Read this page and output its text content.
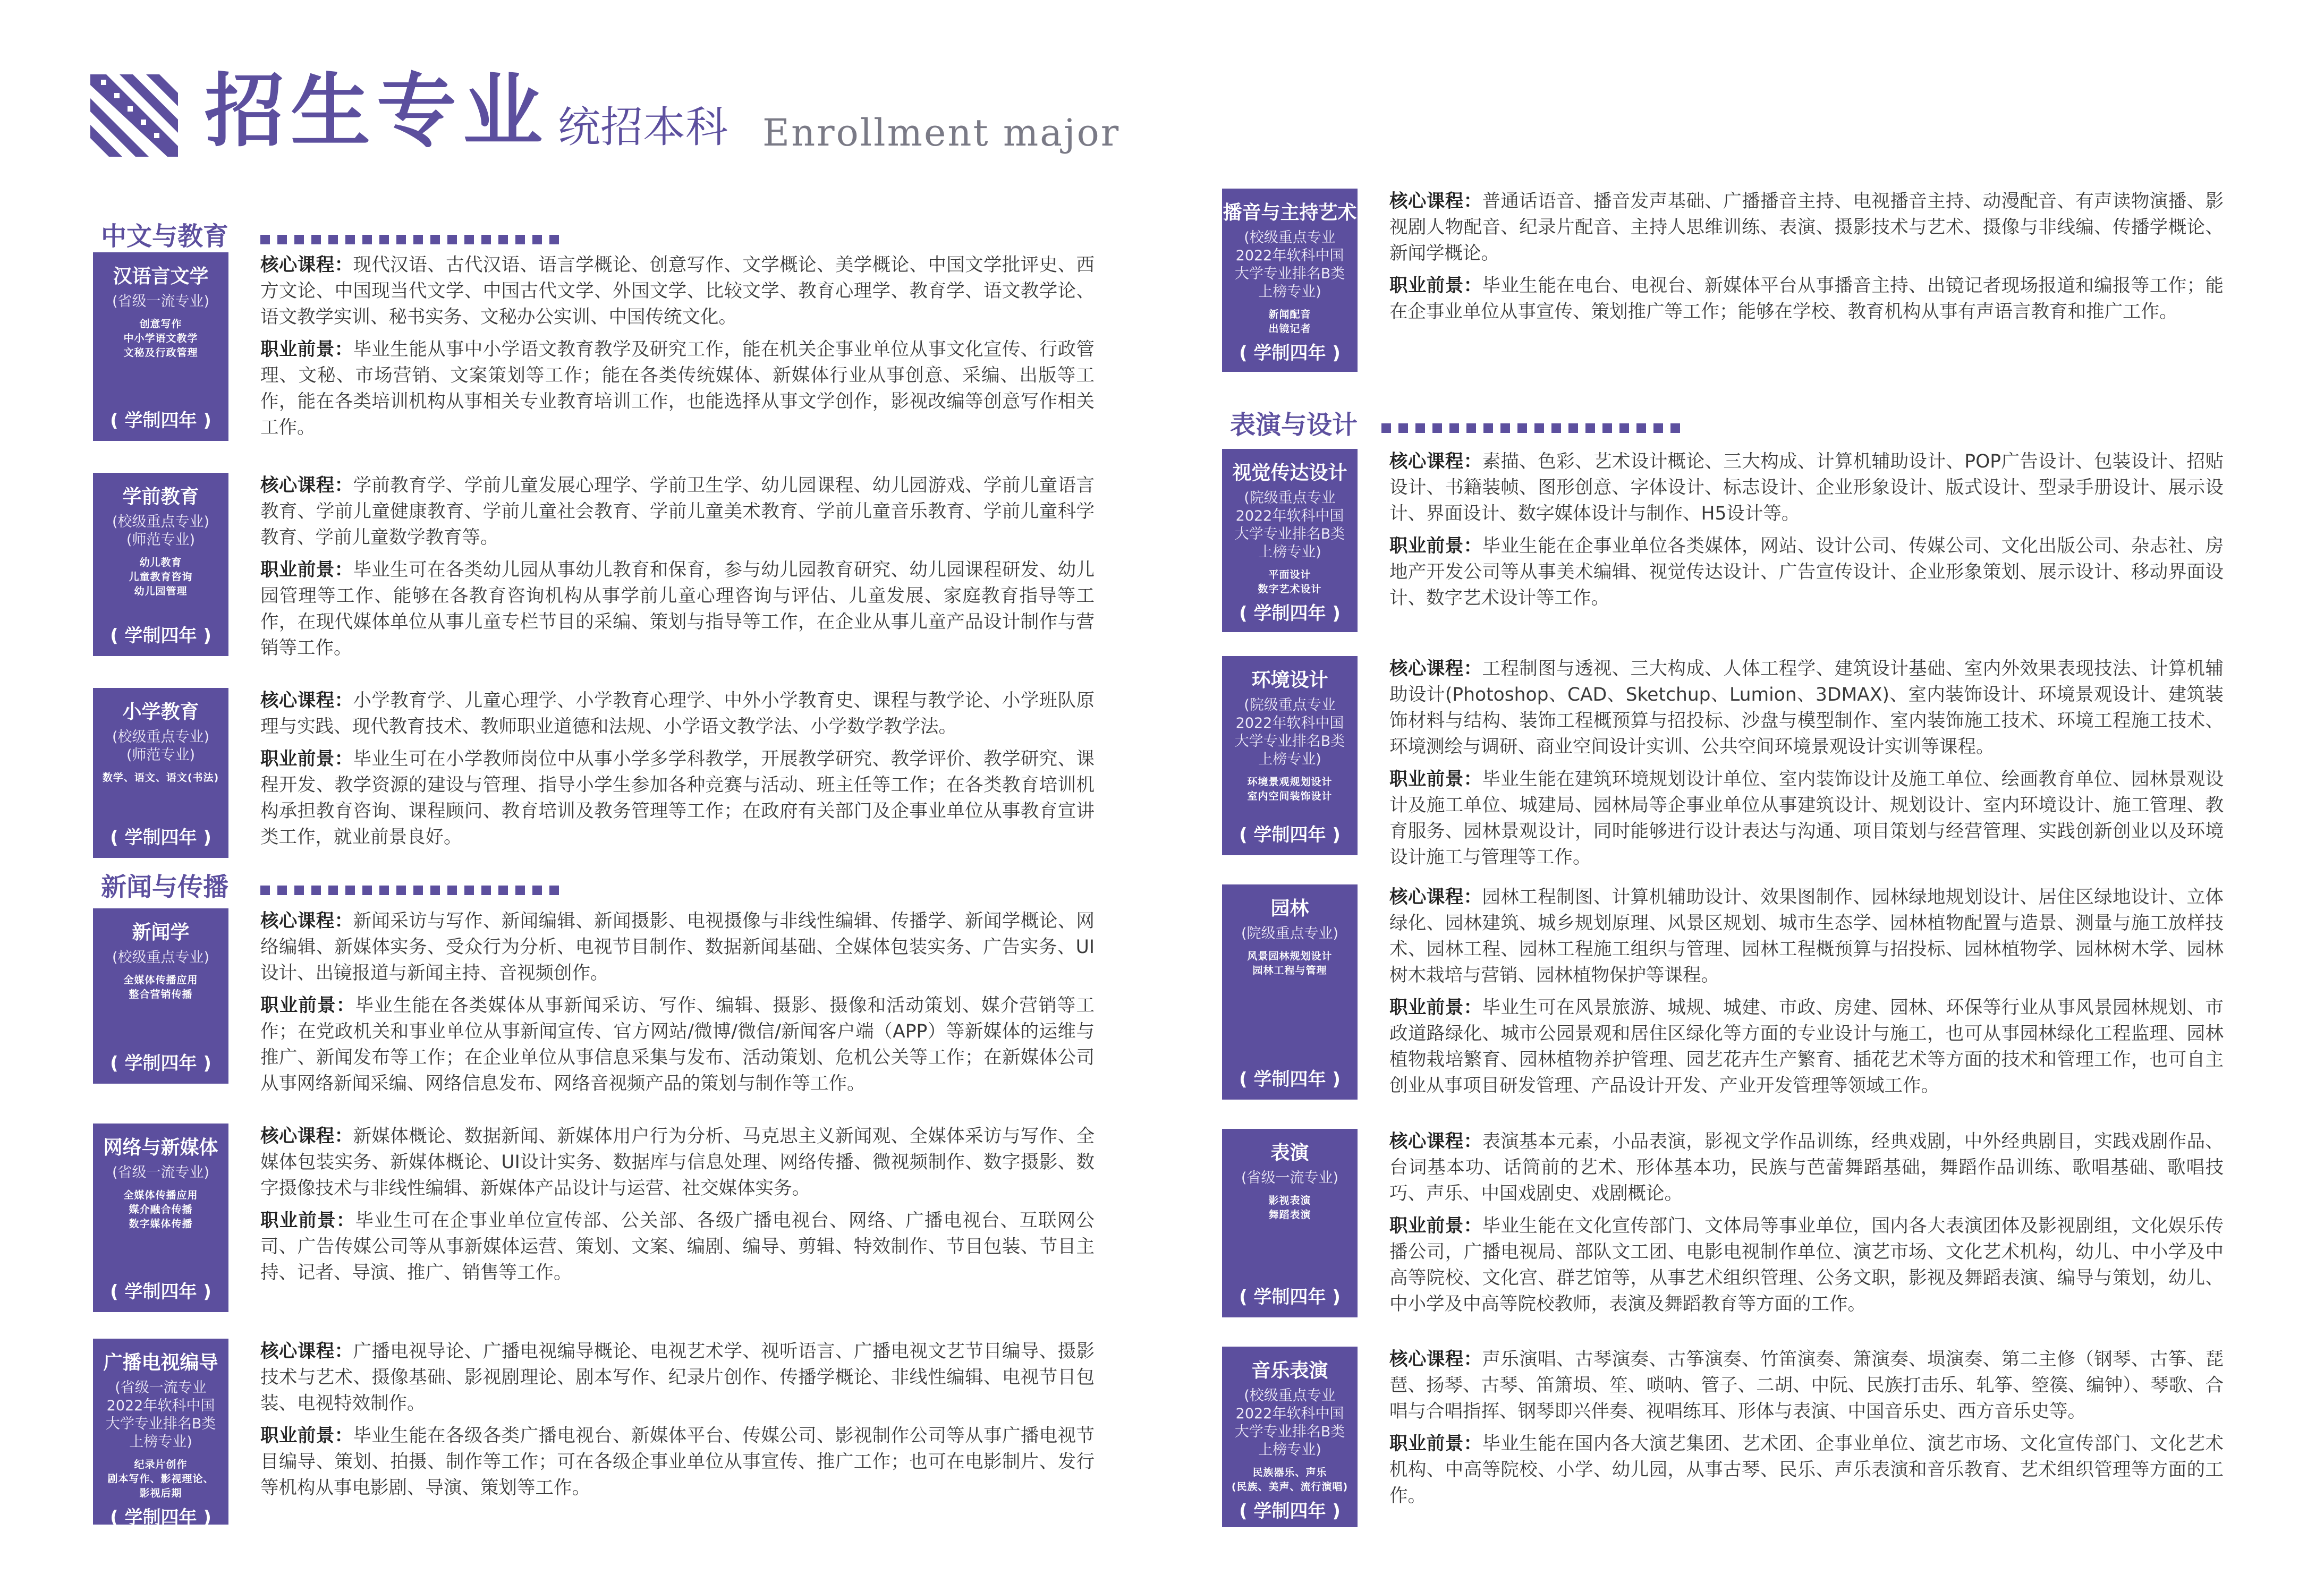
招生专业 统招本科 Enrollment major
中文与教育
汉语言文学
(省级一流专业)
创意写作
中小学语文教学
文秘及行政管理
( 学制四年 )

核心课程：现代汉语、古代汉语、语言学概论、创意写作、文学概论、美学概论、中国文学批评史、西方文论、中国现当代文学、中国古代文学、外国文学、比较文学、教育心理学、教育学、语文教学论、语文教学实训、秘书实务、文秘办公实训、中国传统文化。

职业前景：毕业生能从事中小学语文教育教学及研究工作，能在机关企事业单位从事文化宣传、行政管理、文秘、市场营销、文案策划等工作；能在各类传统媒体、新媒体行业从事创意、采编、出版等工作，能在各类培训机构从事相关专业教育培训工作，也能选择从事文学创作，影视改编等创意写作相关工作。

学前教育
(校级重点专业)
(师范专业)
幼儿教育
儿童教育咨询
幼儿园管理
( 学制四年 )

核心课程：学前教育学、学前儿童发展心理学、学前卫生学、幼儿园课程、幼儿园游戏、学前儿童语言教育、学前儿童健康教育、学前儿童社会教育、学前儿童美术教育、学前儿童音乐教育、学前儿童科学教育、学前儿童数学教育等。

职业前景：毕业生可在各类幼儿园从事幼儿教育和保育，参与幼儿园教育研究、幼儿园课程研发、幼儿园管理等工作、能够在各教育咨询机构从事学前儿童心理咨询与评估、儿童发展、家庭教育指导等工作，在现代媒体单位从事儿童专栏节目的采编、策划与指导等工作，在企业从事儿童产品设计制作与营销等工作。

小学教育
(校级重点专业)
(师范专业)
数学、语文、语文(书法)
( 学制四年 )

核心课程：小学教育学、儿童心理学、小学教育心理学、中外小学教育史、课程与教学论、小学班队原理与实践、现代教育技术、教师职业道德和法规、小学语文教学法、小学数学教学法。

职业前景：毕业生可在小学教师岗位中从事小学多学科教学，开展教学研究、教学评价、教学研究、课程开发、教学资源的建设与管理、指导小学生参加各种竞赛与活动、班主任等工作；在各类教育培训机构承担教育咨询、课程顾问、教育培训及教务管理等工作；在政府有关部门及企事业单位从事教育宣讲类工作，就业前景良好。

新闻与传播
新闻学
(校级重点专业)
全媒体传播应用
整合营销传播
( 学制四年 )

核心课程：新闻采访与写作、新闻编辑、新闻摄影、电视摄像与非线性编辑、传播学、新闻学概论、网络编辑、新媒体实务、受众行为分析、电视节目制作、数据新闻基础、全媒体包装实务、广告实务、UI设计、出镜报道与新闻主持、音视频创作。

职业前景：毕业生能在各类媒体从事新闻采访、写作、编辑、摄影、摄像和活动策划、媒介营销等工作；在党政机关和事业单位从事新闻宣传、官方网站/微博/微信/新闻客户端（APP）等新媒体的运维与推广、新闻发布等工作；在企业单位从事信息采集与发布、活动策划、危机公关等工作；在新媒体公司从事网络新闻采编、网络信息发布、网络音视频产品的策划与制作等工作。

网络与新媒体
(省级一流专业)
全媒体传播应用
媒介融合传播
数字媒体传播
( 学制四年 )

核心课程：新媒体概论、数据新闻、新媒体用户行为分析、马克思主义新闻观、全媒体采访与写作、全媒体包装实务、新媒体概论、UI设计实务、数据库与信息处理、网络传播、微视频制作、数字摄影、数字摄像技术与非线性编辑、新媒体产品设计与运营、社交媒体实务。

职业前景：毕业生可在企事业单位宣传部、公关部、各级广播电视台、网络、广播电视台、互联网公司、广告传媒公司等从事新媒体运营、策划、文案、编剧、编导、剪辑、特效制作、节目包装、节目主持、记者、导演、推广、销售等工作。

广播电视编导
(省级一流专业
2022年软科中国
大学专业排名B类
上榜专业)
纪录片创作
剧本写作、影视理论、
影视后期
( 学制四年 )

核心课程：广播电视导论、广播电视编导概论、电视艺术学、视听语言、广播电视文艺节目编导、摄影技术与艺术、摄像基础、影视剧理论、剧本写作、纪录片创作、传播学概论、非线性编辑、电视节目包装、电视特效制作。

职业前景：毕业生能在各级各类广播电视台、新媒体平台、传媒公司、影视制作公司等从事广播电视节目编导、策划、拍摄、制作等工作；可在各级企事业单位从事宣传、推广工作；也可在电影制片、发行等机构从事电影剧、导演、策划等工作。

播音与主持艺术
(校级重点专业
2022年软科中国
大学专业排名B类
上榜专业)
新闻配音
出镜记者
( 学制四年 )

核心课程：普通话语音、播音发声基础、广播播音主持、电视播音主持、动漫配音、有声读物演播、影视剧人物配音、纪录片配音、主持人思维训练、表演、摄影技术与艺术、摄像与非线编、传播学概论、新闻学概论。

职业前景：毕业生能在电台、电视台、新媒体平台从事播音主持、出镜记者现场报道和编报等工作；能在企事业单位从事宣传、策划推广等工作；能够在学校、教育机构从事有声语言教育和推广工作。

表演与设计
视觉传达设计
(院级重点专业
2022年软科中国
大学专业排名B类
上榜专业)
平面设计
数字艺术设计
( 学制四年 )

核心课程：素描、色彩、艺术设计概论、三大构成、计算机辅助设计、POP广告设计、包装设计、招贴设计、书籍装帧、图形创意、字体设计、标志设计、企业形象设计、版式设计、型录手册设计、展示设计、界面设计、数字媒体设计与制作、H5设计等。

职业前景：毕业生能在企事业单位各类媒体，网站、设计公司、传媒公司、文化出版公司、杂志社、房地产开发公司等从事美术编辑、视觉传达设计、广告宣传设计、企业形象策划、展示设计、移动界面设计、数字艺术设计等工作。

环境设计
(院级重点专业
2022年软科中国
大学专业排名B类
上榜专业)
环境景观规划设计
室内空间装饰设计
( 学制四年 )

核心课程：工程制图与透视、三大构成、人体工程学、建筑设计基础、室内外效果表现技法、计算机辅助设计(Photoshop、CAD、Sketchup、Lumion、3DMAX)、室内装饰设计、环境景观设计、建筑装饰材料与结构、装饰工程概预算与招投标、沙盘与模型制作、室内装饰施工技术、环境工程施工技术、环境测绘与调研、商业空间设计实训、公共空间环境景观设计实训等课程。

职业前景：毕业生能在建筑环境规划设计单位、室内装饰设计及施工单位、绘画教育单位、园林景观设计及施工单位、城建局、园林局等企事业单位从事建筑设计、规划设计、室内环境设计、施工管理、教育服务、园林景观设计，同时能够进行设计表达与沟通、项目策划与经营管理、实践创新创业以及环境设计施工与管理等工作。

园林
(院级重点专业)
风景园林规划设计
园林工程与管理
( 学制四年 )

核心课程：园林工程制图、计算机辅助设计、效果图制作、园林绿地规划设计、居住区绿地设计、立体绿化、园林建筑、城乡规划原理、风景区规划、城市生态学、园林植物配置与造景、测量与施工放样技术、园林工程、园林工程施工组织与管理、园林工程概预算与招投标、园林植物学、园林树木学、园林树木栽培与营销、园林植物保护等课程。

职业前景：毕业生可在风景旅游、城规、城建、市政、房建、园林、环保等行业从事风景园林规划、市政道路绿化、城市公园景观和居住区绿化等方面的专业设计与施工，也可从事园林绿化工程监理、园林植物栽培繁育、园林植物养护管理、园艺花卉生产繁育、插花艺术等方面的技术和管理工作，也可自主创业从事项目研发管理、产品设计开发、产业开发管理等领域工作。

表演
(省级一流专业)
影视表演
舞蹈表演
( 学制四年 )

核心课程：表演基本元素，小品表演，影视文学作品训练，经典戏剧，中外经典剧目，实践戏剧作品、台词基本功、话筒前的艺术、形体基本功，民族与芭蕾舞蹈基础，舞蹈作品训练、歌唱基础、歌唱技巧、声乐、中国戏剧史、戏剧概论。

职业前景：毕业生能在文化宣传部门、文体局等事业单位，国内各大表演团体及影视剧组，文化娱乐传播公司，广播电视局、部队文工团、电影电视制作单位、演艺市场、文化艺术机构，幼儿、中小学及中高等院校、文化宫、群艺馆等，从事艺术组织管理、公务文职，影视及舞蹈表演、编导与策划，幼儿、中小学及中高等院校教师，表演及舞蹈教育等方面的工作。

音乐表演
(校级重点专业
2022年软科中国
大学专业排名B类
上榜专业)
民族器乐、声乐
(民族、美声、流行演唱)
( 学制四年 )

核心课程：声乐演唱、古琴演奏、古筝演奏、竹笛演奏、箫演奏、埙演奏、第二主修（钢琴、古筝、琵琶、扬琴、古琴、笛箫埙、笙、唢呐、管子、二胡、中阮、民族打击乐、轧筝、箜篌、编钟）、琴歌、合唱与合唱指挥、钢琴即兴伴奏、视唱练耳、形体与表演、中国音乐史、西方音乐史等。

职业前景：毕业生能在国内各大演艺集团、艺术团、企事业单位、演艺市场、文化宣传部门、文化艺术机构、中高等院校、小学、幼儿园，从事古琴、民乐、声乐表演和音乐教育、艺术组织管理等方面的工作。
